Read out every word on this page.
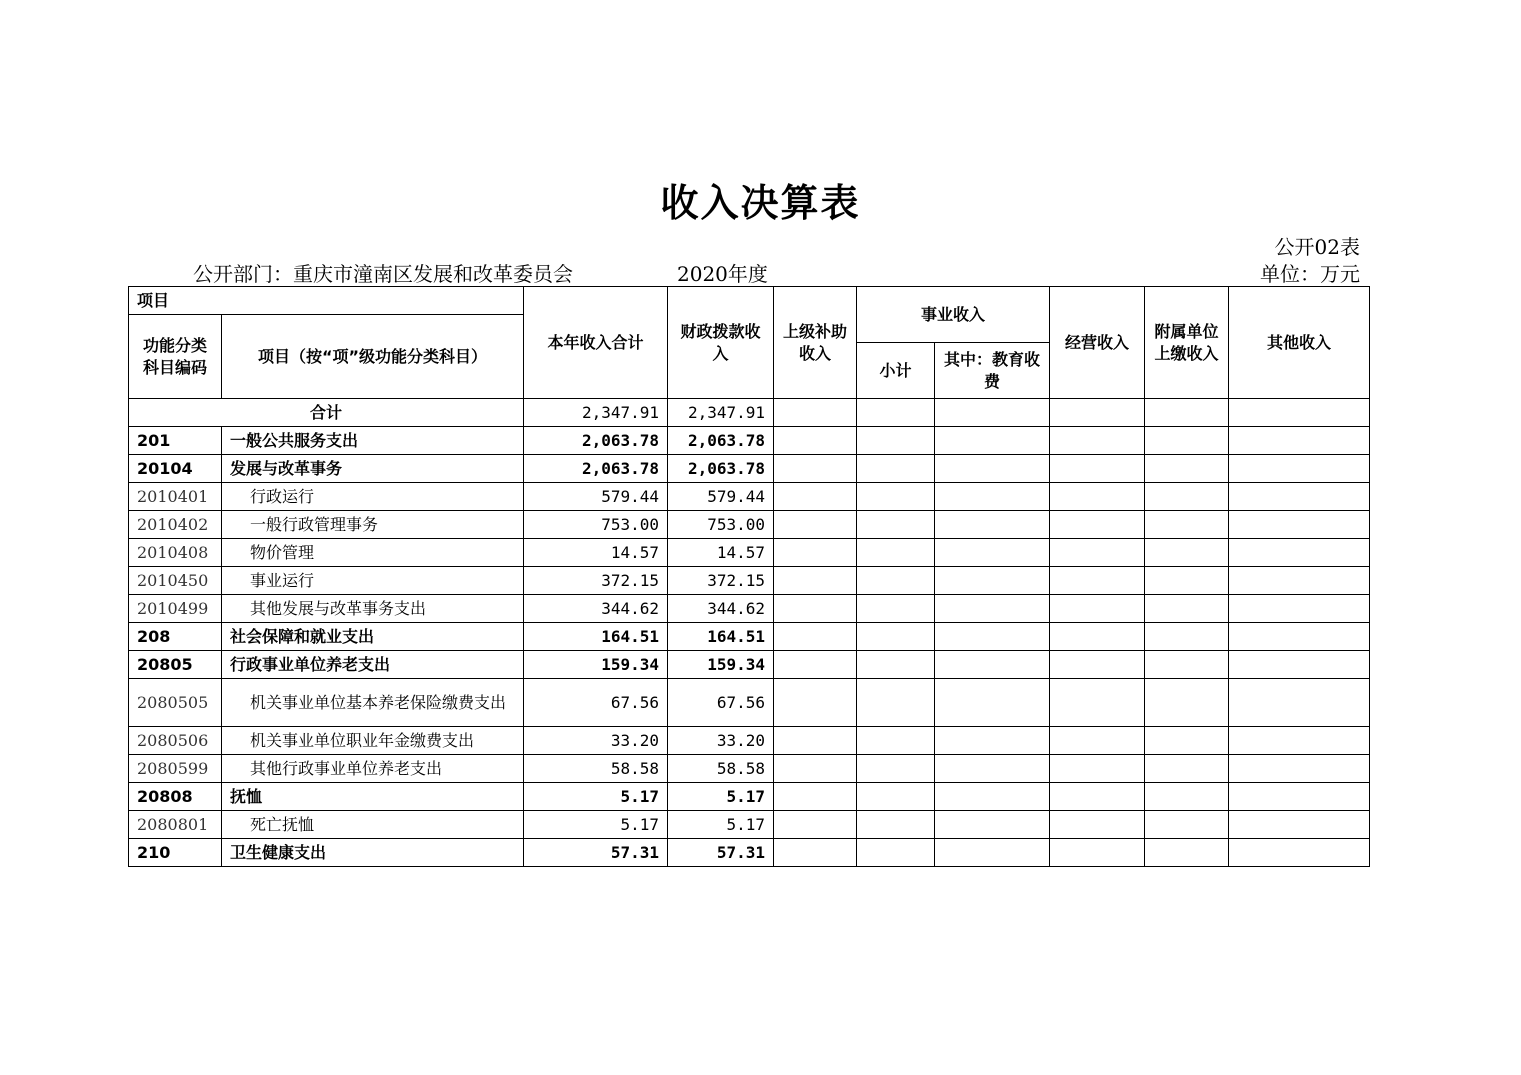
收入决算表
公开02表
公开部门：重庆市潼南区发展和改革委员会	2020年度	单位：万元
项目		本年收入合计	财政拨款收入	上级补助收入	事业收入		经营收入	附属单位上缴收入	其他收入
功能分类科目编码	项目（按“项”级功能分类科目）								
					小计	其中：教育收费			
合计		2,347.91	2,347.91						
201	一般公共服务支出	2,063.78	2,063.78						
20104	发展与改革事务	2,063.78	2,063.78						
2010401	行政运行	579.44	579.44						
2010402	一般行政管理事务	753.00	753.00						
2010408	物价管理	14.57	14.57						
2010450	事业运行	372.15	372.15						
2010499	其他发展与改革事务支出	344.62	344.62						
208	社会保障和就业支出	164.51	164.51						
20805	行政事业单位养老支出	159.34	159.34						
2080505	机关事业单位基本养老保险缴费支出	67.56	67.56						
2080506	机关事业单位职业年金缴费支出	33.20	33.20						
2080599	其他行政事业单位养老支出	58.58	58.58						
20808	抚恤	5.17	5.17						
2080801	死亡抚恤	5.17	5.17						
210	卫生健康支出	57.31	57.31						
